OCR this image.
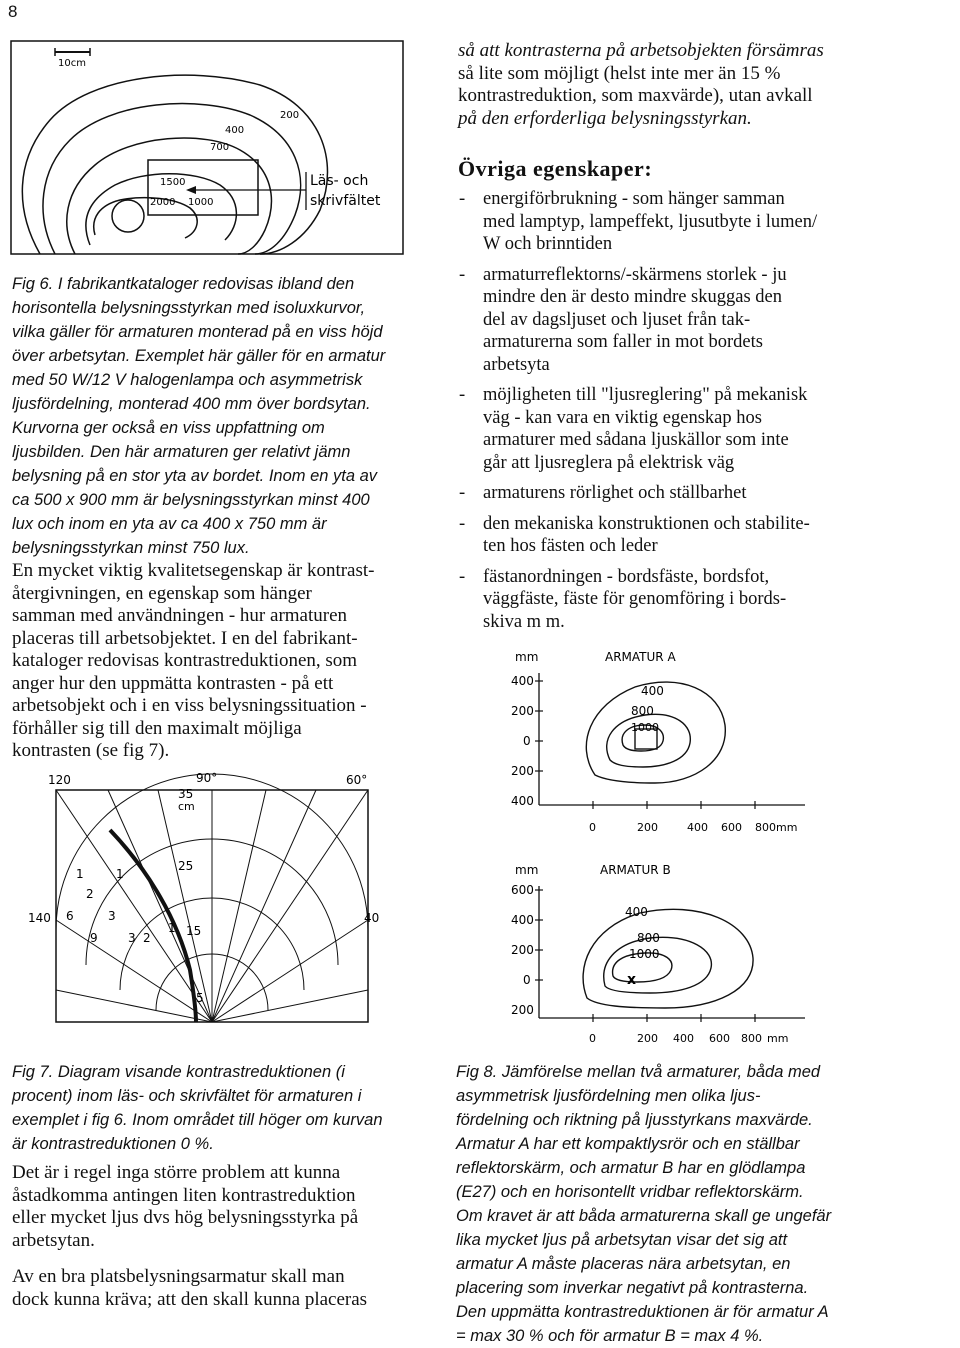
8
10cm
Läs- och
skrivfältet
200
400
700
1500
2000 1000
Fig 6. I fabrikantkataloger redovisas ibland den
horisontella belysningsstyrkan med isoluxkurvor,
vilka gäller för armaturen monterad på en viss höjd
över arbetsytan. Exemplet här gäller för en armatur
med 50 W/12 V halogenlampa och asymmetrisk
ljusfördelning, monterad 400 mm över bordsytan.
Kurvorna ger också en viss uppfattning om
ljusbilden. Den här armaturen ger relativt jämn
belysning på en stor yta av bordet. Inom en yta av
ca 500 x 900 mm är belysningsstyrkan minst 400
lux och inom en yta av ca 400 x 750 mm är
belysningsstyrkan minst 750 lux.
En mycket viktig kvalitetsegenskap är kontrast-
återgivningen, en egenskap som hänger
samman med användningen - hur armaturen
placeras till arbetsobjektet. I en del fabrikant-
kataloger redovisas kontrastreduktionen, som
anger hur den uppmätta kontrasten - på ett
arbetsobjekt och i en viss belysningssituation -
förhåller sig till den maximalt möjliga
kontrasten (se fig 7).
120	90°	60°
35
cm
25
140	40
1	1
2
6	3
9	2
1 15
3
5
Fig 7. Diagram visande kontrastreduktionen (i
procent) inom läs- och skrivfältet för armaturen i
exemplet i fig 6. Inom området till höger om kurvan
är kontrastreduktionen 0 %.
Det är i regel inga större problem att kunna
åstadkomma antingen liten kontrastreduktion
eller mycket ljus dvs hög belysningsstyrka på
arbetsytan.
Av en bra platsbelysningsarmatur skall man
dock kunna kräva; att den skall kunna placeras
så att kontrasterna på arbetsobjekten försämras
så lite som möjligt (helst inte mer än 15 %
kontrastreduktion, som maxvärde), utan avkall
på den erforderliga belysningsstyrkan.
Övriga egenskaper:
- energiförbrukning - som hänger samman
med lamptyp, lampeffekt, ljusutbyte i lumen/
W och brinntiden
- armaturreflektorns/-skärmens storlek - ju
mindre den är desto mindre skuggas den
del av dagsljuset och ljuset från tak-
armaturerna som faller in mot bordets
arbetsyta
- möjligheten till "ljusreglering" på mekanisk
väg - kan vara en viktig egenskap hos
armaturer med sådana ljuskällor som inte
går att ljusreglera på elektrisk väg
- armaturens rörlighet och ställbarhet
- den mekaniska konstruktionen och stabilite-
ten hos fästen och leder
- fästanordningen - bordsfäste, bordsfot,
väggfäste, fäste för genomföring i bords-
skiva m m.
mm	ARMATUR A
400
200
0
200
400
0	200	400 600 800mm
400
800
1000
mm	ARMATUR B
600
400
200
0
200
0	200 400 600 800 mm
400
800
1000
x
Fig 8. Jämförelse mellan två armaturer, båda med
asymmetrisk ljusfördelning men olika ljus-
fördelning och riktning på ljusstyrkans maxvärde.
Armatur A har ett kompaktlysrör och en ställbar
reflektorskärm, och armatur B har en glödlampa
(E27) och en horisontellt vridbar reflektorskärm.
Om kravet är att båda armaturerna skall ge ungefär
lika mycket ljus på arbetsytan visar det sig att
armatur A måste placeras nära arbetsytan, en
placering som inverkar negativt på kontrasterna.
Den uppmätta kontrastreduktionen är för armatur A
= max 30 % och för armatur B = max 4 %.
